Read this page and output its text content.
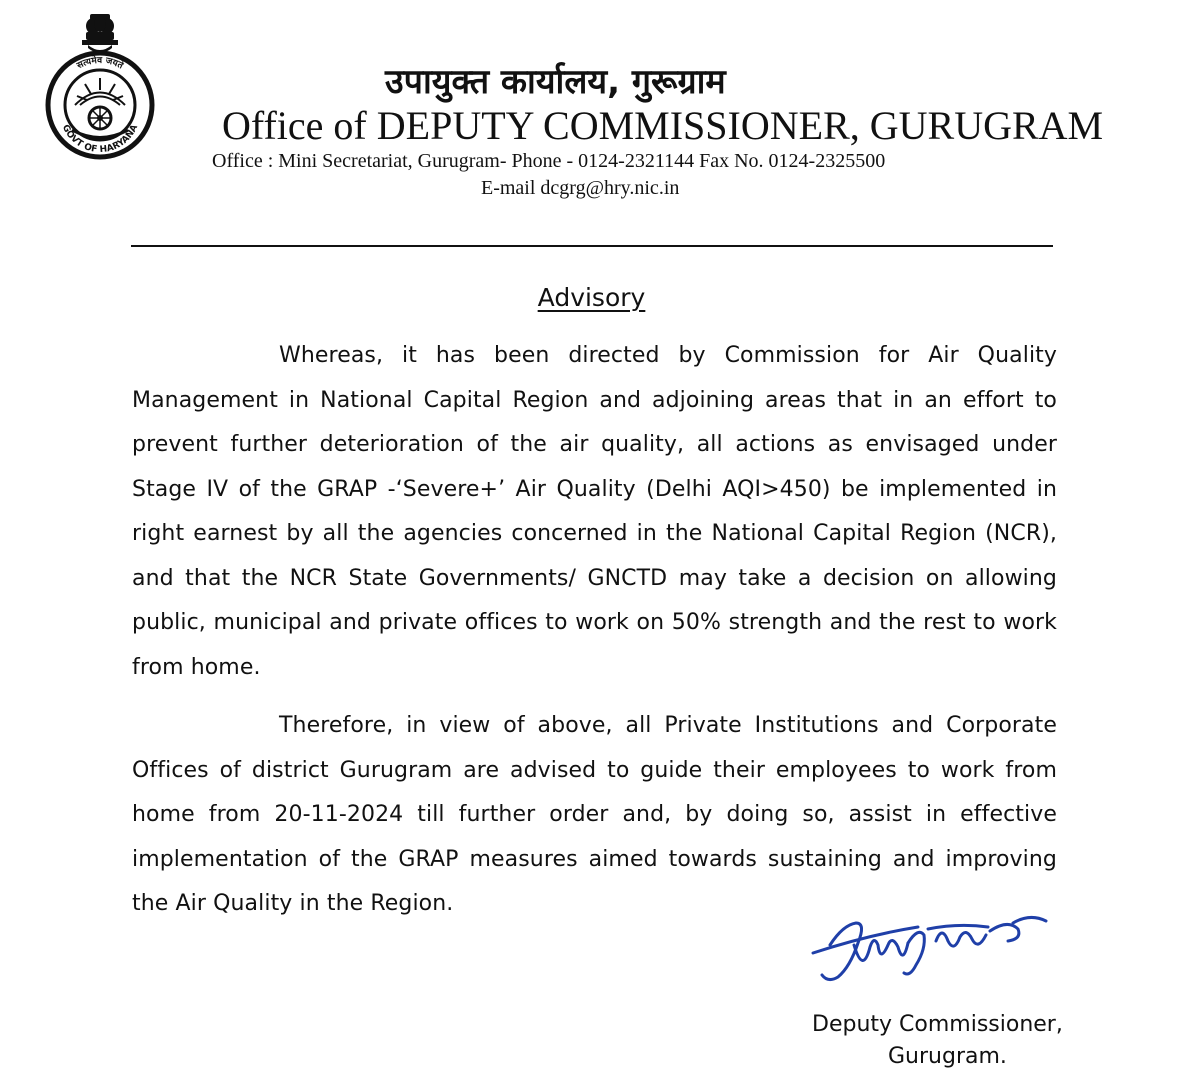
सत्यमेव जयते
GOVT OF HARYANA
उपायुक्त कार्यालय, गुरूग्राम
Office of DEPUTY COMMISSIONER, GURUGRAM
Office : Mini Secretariat, Gurugram- Phone - 0124-2321144 Fax No. 0124-2325500
E-mail dcgrg@hry.nic.in
Advisory

Whereas, it has been directed by Commission for Air Quality Management in National Capital Region and adjoining areas that in an effort to prevent further deterioration of the air quality, all actions as envisaged under Stage IV of the GRAP -‘Severe+’ Air Quality (Delhi AQI>450) be implemented in right earnest by all the agencies concerned in the National Capital Region (NCR), and that the NCR State Governments/ GNCTD may take a decision on allowing public, municipal and private offices to work on 50% strength and the rest to work from home.

Therefore, in view of above, all Private Institutions and Corporate Offices of district Gurugram are advised to guide their employees to work from home from 20-11-2024 till further order and, by doing so, assist in effective implementation of the GRAP measures aimed towards sustaining and improving the Air Quality in the Region.

Deputy Commissioner,
Gurugram.
